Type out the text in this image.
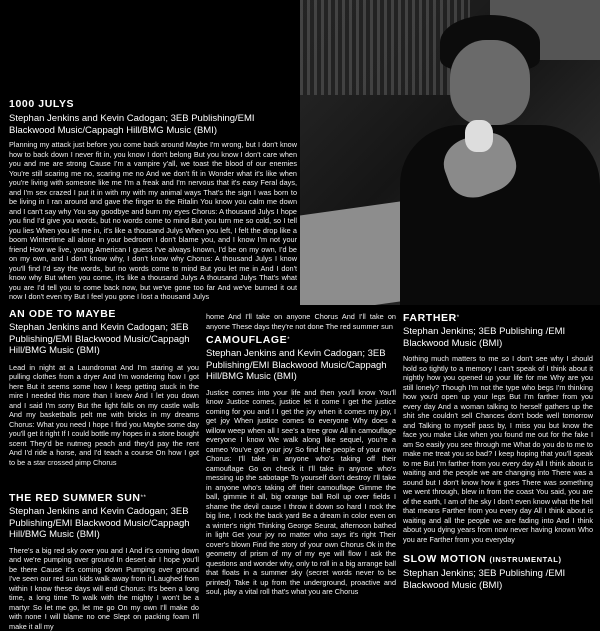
1000 JULYS
Stephan Jenkins and Kevin Cadogan; 3EB Publishing/EMI Blackwood Music/Cappagh Hill/BMG Music (BMI)
Planning my attack just before you come back around Maybe I'm wrong, but I don't know how to back down I never fit in, you know I don't belong But you know I don't care when you and me are strong Cause I'm a vampire y'all, we toast the blood of our enemies You're still scaring me no, scaring me no And we don't fit in Wonder what it's like when you're living with someone like me I'm a freak and I'm nervous that it's easy Feral days, and I'm sex crazed I put it in with my with my animal ways That's the sign I was born to be living in I ran around and gave the finger to the Ritalin You know you calm me down and I can't say why You say goodbye and burn my eyes Chorus: A thousand Julys I hope you find I'd give you words, but no words come to mind But you turn me so cold, so I tell you lies When you let me in, it's like a thousand Julys When you left, I felt the drop like a boom Wintertime all alone in your bedroom I don't blame you, and I know I'm not your friend How we live, young American I guess I've always known, I'd be on my own, I'd be on my own, and I don't know why, I don't know why Chorus: A thousand Julys I know you'll find I'd say the words, but no words come to mind But you let me in And I don't know why But when you come, it's like a thousand Julys A thousand Julys That's what you are I'd tell you to come back now, but we've gone too far And we've burned it out now I don't even try But I feel you gone I lost a thousand Julys
AN ODE TO MAYBE
Stephan Jenkins and Kevin Cadogan; 3EB Publishing/EMI Blackwood Music/Cappagh Hill/BMG Music (BMI)
Lead in night at a Laundromat And I'm staring at you pulling clothes from a dryer And I'm wondering how I got here But it seems some how I keep getting stuck in the mire I needed this more than I knew And I let you down and I said I'm sorry But the light falls on my castle walls And my basketballs pelt me with bricks in my dreams Chorus: What you need I hope I find you Maybe some day you'll get it right If I could bottle my hopes in a store bought scent They'd be nutmeg peach and they'd pay the rent And I'd ride a horse, and I'd teach a course On how I got to be a star crossed pimp Chorus
THE RED SUMMER SUN**
Stephan Jenkins and Kevin Cadogan; 3EB Publishing/EMI Blackwood Music/Cappagh Hill/BMG Music (BMI)
There's a big red sky over you and I And it's coming down and we're pumping over ground In desert air I hope you'll be there Cause it's coming down Pumping over ground I've seen our red sun kids walk away from it Laughed from within I know these days will end Chorus: It's been a long time, a long time To walk with the mighty I won't be a martyr So let me go, let me go On my own I'll make do with none I will blame no one Slept on packing foam I'll make it all my
home And I'll take on anyone Chorus And I'll take on anyone These days they're not done The red summer sun
CAMOUFLAGE*
Stephan Jenkins and Kevin Cadogan; 3EB Publishing/EMI Blackwood Music/Cappagh Hill/BMG Music (BMI)
Justice comes into your life and then you'll know You'll know Justice comes, justice let it come I get the justice coming for you and I I get the joy when it comes my joy, I get joy When justice comes to everyone Why does a willow weep when all I see's a tree grow All in camouflage everyone I know We walk along like sequel, you're a cameo You've got your joy So find the people of your own Chorus: I'll take in anyone who's taking off their camouflage Go on check it I'll take in anyone who's messing up the sabotage To yourself don't destroy I'll take in anyone who's taking off their camouflage Gimme the ball, gimmie it all, big orange ball Roll up over fields I shame the devil cause I throw it down so hard I rock the big line, I rock the back yard Be a dream in color even on a winter's night Thinking George Seurat, afternoon bathed in light Get your joy no matter who says it's right Their cover's blown Find the story of your own Chorus Ok in the geometry of prism of my of my eye will flow I ask the questions and wonder why, only to roll in a big arrange ball that floats in a summer sky (secret words never to be printed) Take it up from the underground, proactive and soul, play a vital roll that's what you are Chorus
FARTHER*
Stephan Jenkins; 3EB Publishing /EMI Blackwood Music (BMI)
Nothing much matters to me so I don't see why I should hold so tightly to a memory I can't speak of I think about it nightly how you opened up your life for me Why are you still lonely? Though I'm not the type who begs I'm thinking how you'd open up your legs But I'm farther from you every day And a woman talking to herself gathers up the shit she couldn't sell Chances don't bode well tomorrow and Talking to myself pass by, I miss you but know the face you make Like when you found me out for the fake I am So easily you see through me What do you do to me to make me treat you so bad? I keep hoping that you'll speak to me But I'm farther from you every day All I think about is waiting and the people we are changing into There was a sound but I don't know how it goes There was something we went through, blew in from the coast You said, you are of the earth, I am of the sky I don't even know what the hell that means Farther from you every day All I think about is waiting and all the people we are fading into And I think about you dying years from now never having known Who you are Farther from you everyday
SLOW MOTION (INSTRUMENTAL)
Stephan Jenkins; 3EB Publishing /EMI Blackwood Music (BMI)
